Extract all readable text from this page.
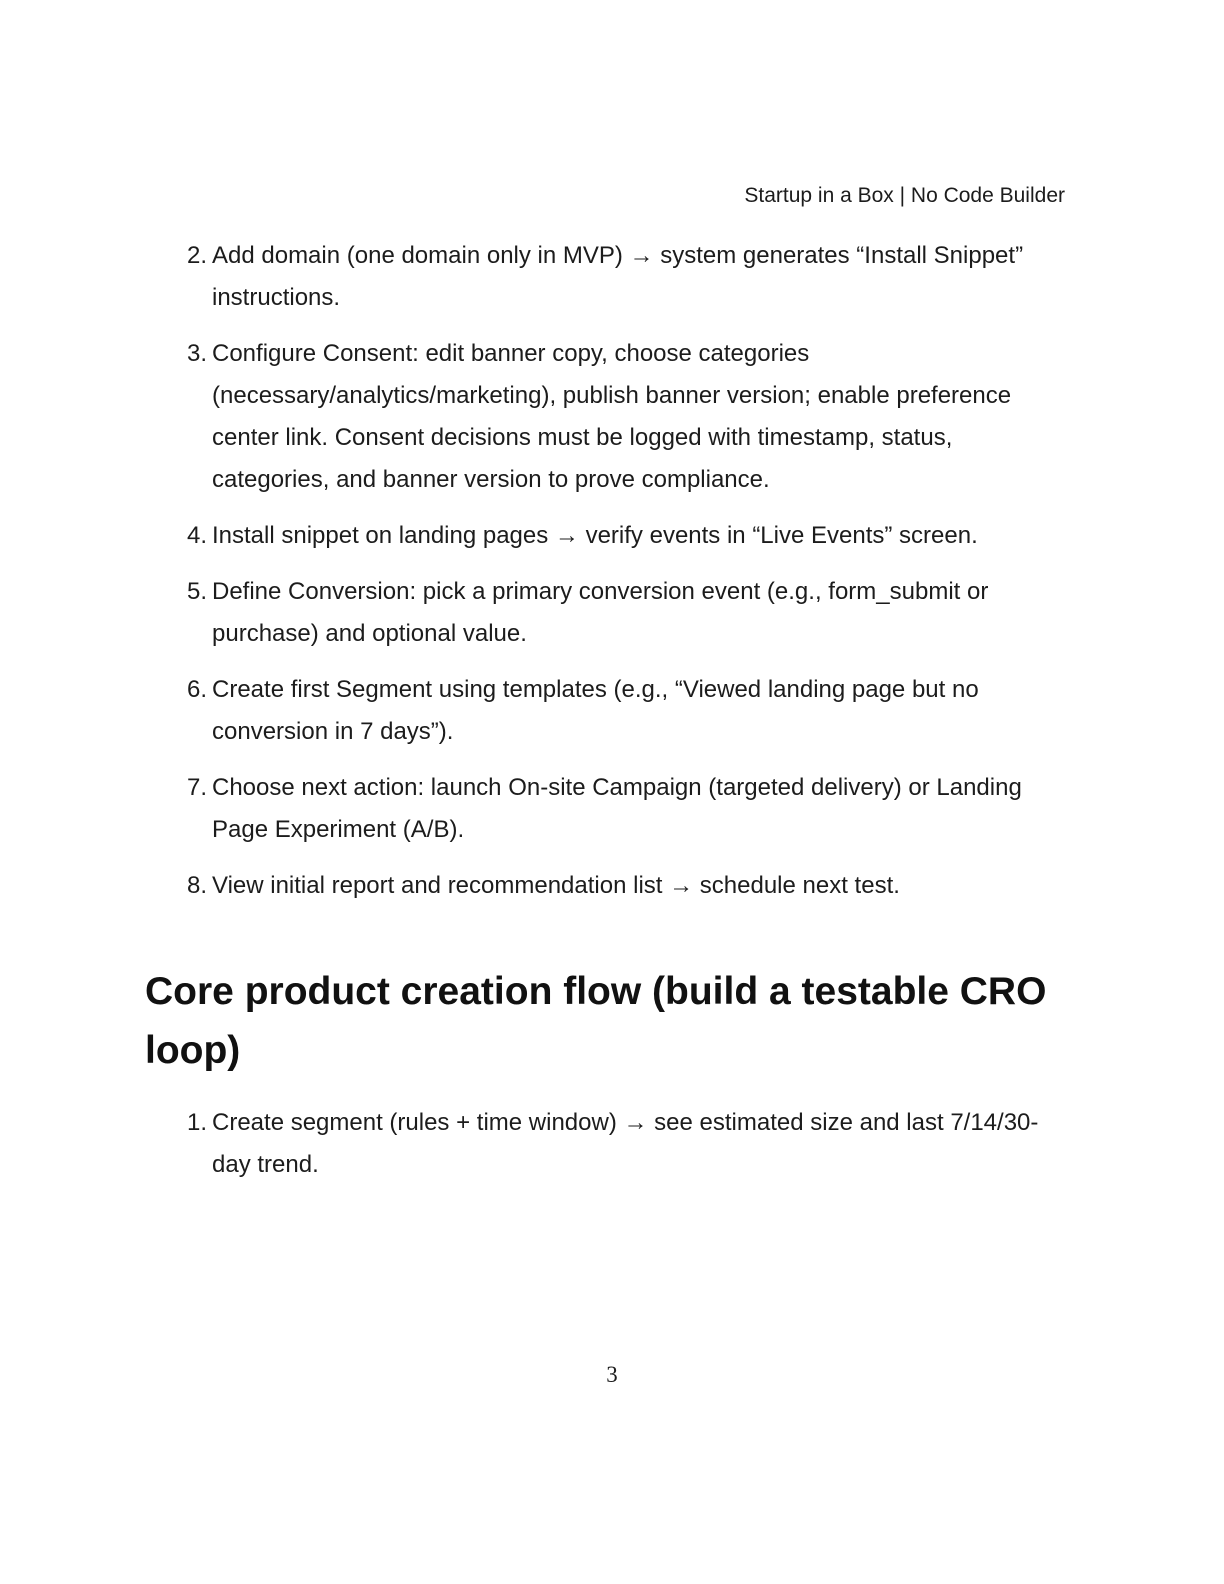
Startup in a Box | No Code Builder
2. Add domain (one domain only in MVP) → system generates “Install Snippet” instructions.
3. Configure Consent: edit banner copy, choose categories (necessary/analytics/marketing), publish banner version; enable preference center link. Consent decisions must be logged with timestamp, status, categories, and banner version to prove compliance.
4. Install snippet on landing pages → verify events in “Live Events” screen.
5. Define Conversion: pick a primary conversion event (e.g., form_submit or purchase) and optional value.
6. Create first Segment using templates (e.g., “Viewed landing page but no conversion in 7 days”).
7. Choose next action: launch On-site Campaign (targeted delivery) or Landing Page Experiment (A/B).
8. View initial report and recommendation list → schedule next test.
Core product creation flow (build a testable CRO loop)
1. Create segment (rules + time window) → see estimated size and last 7/14/30-day trend.
3
